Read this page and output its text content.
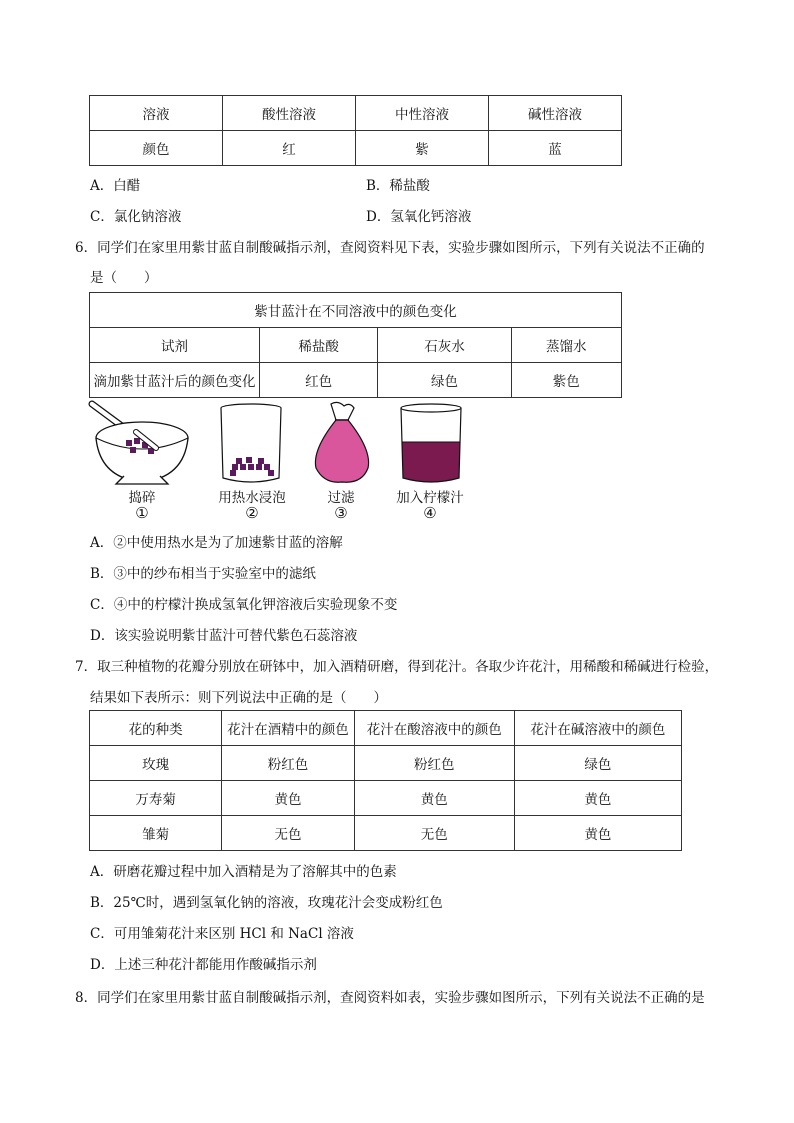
溶液	酸性溶液	中性溶液	碱性溶液
颜色	红	紫	蓝
A．白醋	B．稀盐酸
C．氯化钠溶液	D．氢氧化钙溶液
6．同学们在家里用紫甘蓝自制酸碱指示剂，查阅资料见下表，实验步骤如图所示，下列有关说法不正确的
是（　　）
紫甘蓝汁在不同溶液中的颜色变化			
试剂	稀盐酸	石灰水	蒸馏水
滴加紫甘蓝汁后的颜色变化	红色	绿色	紫色
捣碎
①
用热水浸泡
②
过滤
③
加入柠檬汁
④
A．②中使用热水是为了加速紫甘蓝的溶解
B．③中的纱布相当于实验室中的滤纸
C．④中的柠檬汁换成氢氧化钾溶液后实验现象不变
D．该实验说明紫甘蓝汁可替代紫色石蕊溶液
7．取三种植物的花瓣分别放在研钵中，加入酒精研磨，得到花汁。各取少许花汁，用稀酸和稀碱进行检验，
结果如下表所示：则下列说法中正确的是（　　）
花的种类	花汁在酒精中的颜色	花汁在酸溶液中的颜色	花汁在碱溶液中的颜色
玫瑰	粉红色	粉红色	绿色
万寿菊	黄色	黄色	黄色
雏菊	无色	无色	黄色
A．研磨花瓣过程中加入酒精是为了溶解其中的色素
B．25℃时，遇到氢氧化钠的溶液，玫瑰花汁会变成粉红色
C．可用雏菊花汁来区别 HCl 和 NaCl 溶液
D．上述三种花汁都能用作酸碱指示剂
8．同学们在家里用紫甘蓝自制酸碱指示剂，查阅资料如表，实验步骤如图所示，下列有关说法不正确的是
